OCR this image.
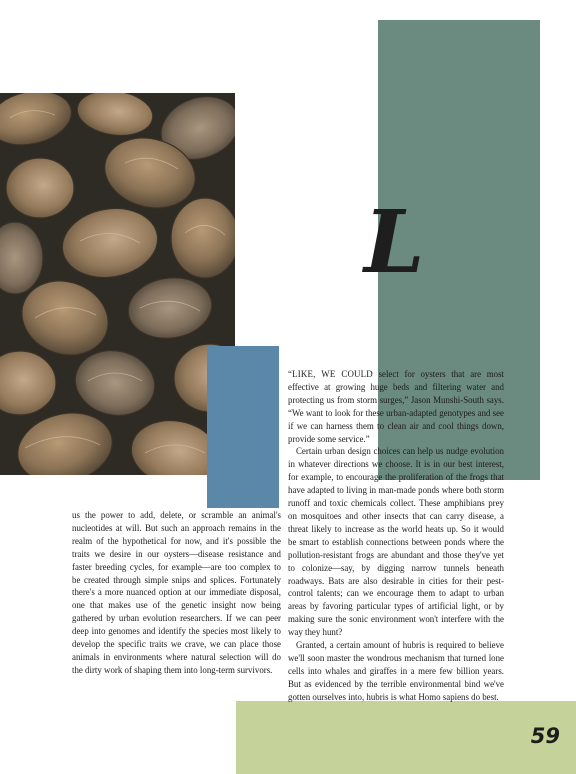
L

us the power to add, delete, or scramble an animal's nucleotides at will. But such an approach remains in the realm of the hypothetical for now, and it's possible the traits we desire in our oysters—disease resistance and faster breeding cycles, for example—are too complex to be created through simple snips and splices. Fortunately there's a more nuanced option at our immediate disposal, one that makes use of the genetic insight now being gathered by urban evolution researchers. If we can peer deep into genomes and identify the species most likely to develop the specific traits we crave, we can place those animals in environments where natural selection will do the dirty work of shaping them into long-term survivors.

“LIKE, WE COULD select for oysters that are most effective at growing huge beds and filtering water and protecting us from storm surges,” Jason Munshi-South says. “We want to look for these urban-adapted genotypes and see if we can harness them to clean air and cool things down, provide some service.”

Certain urban design choices can help us nudge evolution in whatever directions we choose. It is in our best interest, for example, to encourage the proliferation of the frogs that have adapted to living in man-made ponds where both storm runoff and toxic chemicals collect. These amphibians prey on mosquitoes and other insects that can carry disease, a threat likely to increase as the world heats up. So it would be smart to establish connections between ponds where the pollution-resistant frogs are abundant and those they've yet to colonize—say, by digging narrow tunnels beneath roadways. Bats are also desirable in cities for their pest-control talents; can we encourage them to adapt to urban areas by favoring particular types of artificial light, or by making sure the sonic environment won't interfere with the way they hunt?

Granted, a certain amount of hubris is required to believe we'll soon master the wondrous mechanism that turned lone cells into whales and giraffes in a mere few billion years. But as evidenced by the terrible environmental bind we've gotten ourselves into, hubris is what Homo sapiens do best.

59
